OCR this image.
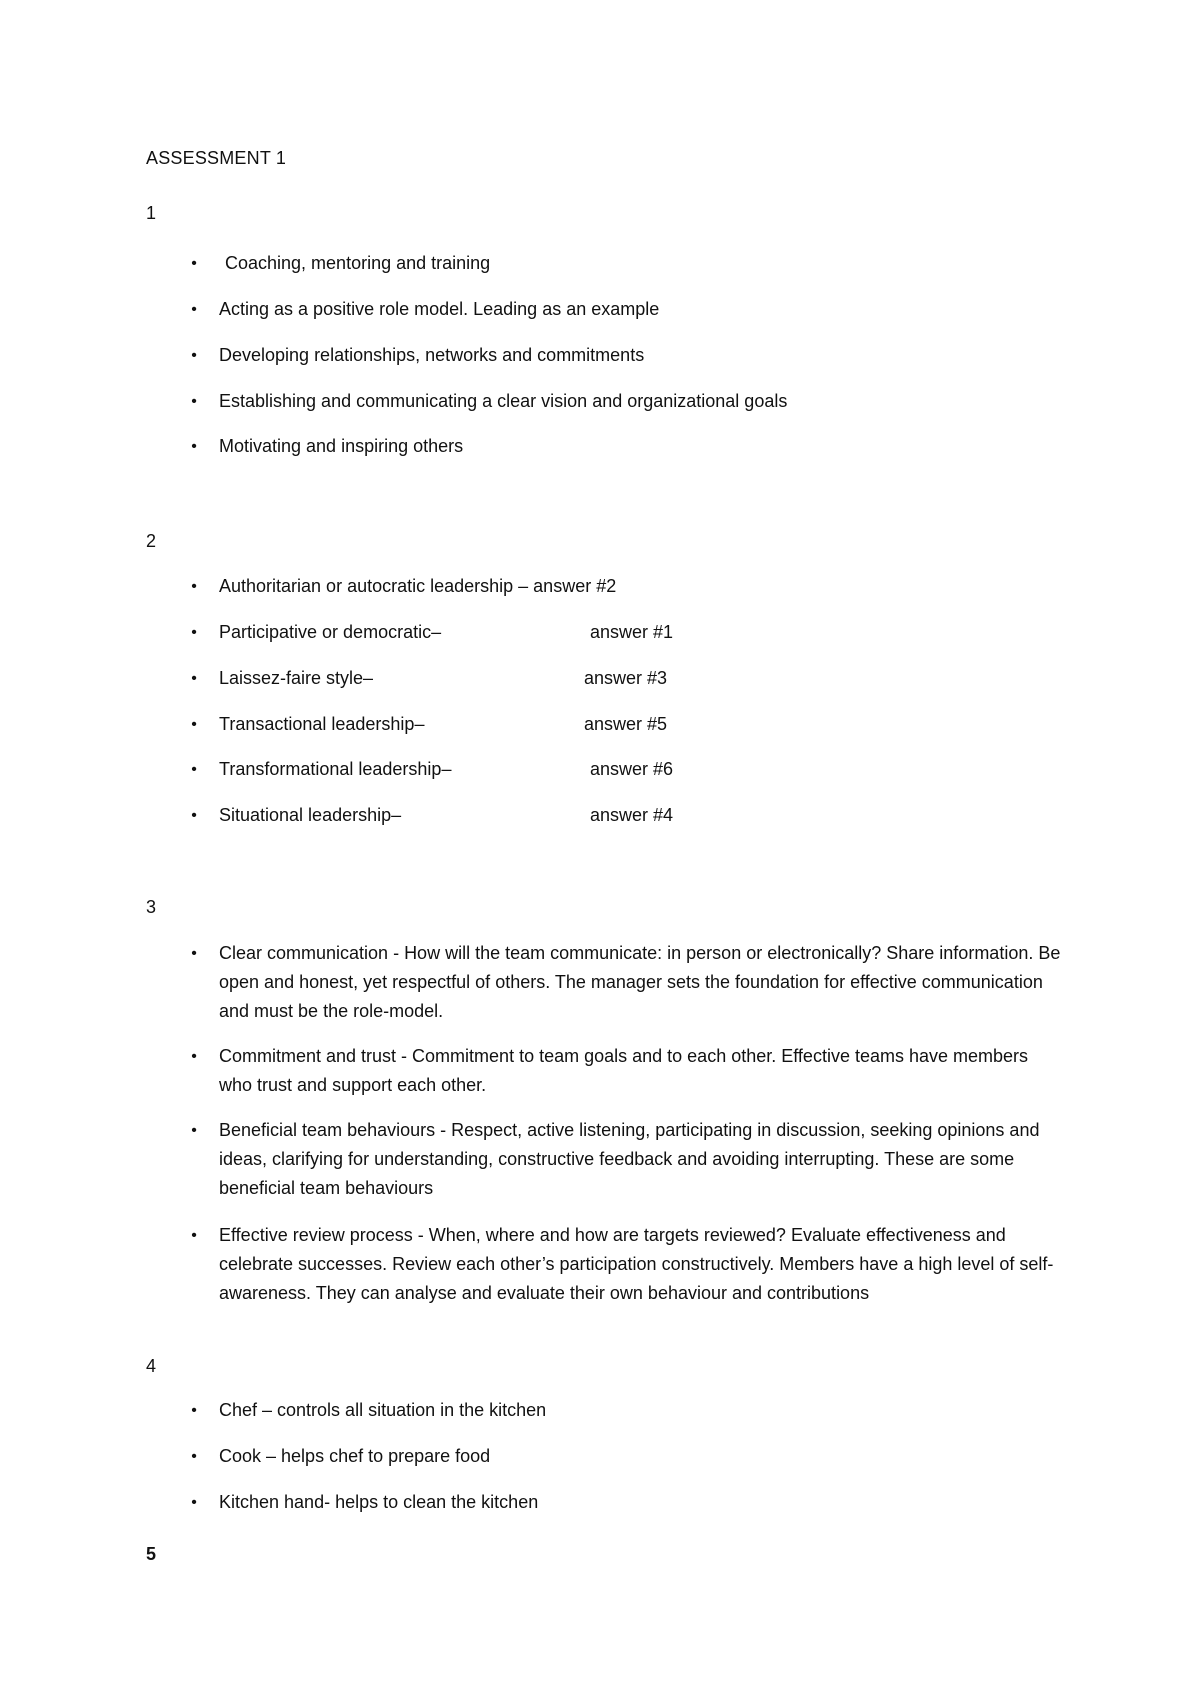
ASSESSMENT 1
1
• Coaching, mentoring and training
• Acting as a positive role model. Leading as an example
• Developing relationships, networks and commitments
• Establishing and communicating a clear vision and organizational goals
• Motivating and inspiring others
2
• Authoritarian or autocratic leadership – answer #2
• Participative or democratic–	answer #1
• Laissez-faire style–	answer #3
• Transactional leadership–	answer #5
• Transformational leadership–	answer #6
• Situational leadership–	answer #4
3
• Clear communication - How will the team communicate: in person or electronically? Share information. Be open and honest, yet respectful of others. The manager sets the foundation for effective communication and must be the role-model.
• Commitment and trust - Commitment to team goals and to each other. Effective teams have members who trust and support each other.
• Beneficial team behaviours - Respect, active listening, participating in discussion, seeking opinions and ideas, clarifying for understanding, constructive feedback and avoiding interrupting. These are some beneficial team behaviours
• Effective review process - When, where and how are targets reviewed? Evaluate effectiveness and celebrate successes. Review each other’s participation constructively. Members have a high level of self-awareness. They can analyse and evaluate their own behaviour and contributions
4
• Chef – controls all situation in the kitchen
• Cook – helps chef to prepare food
• Kitchen hand- helps to clean the kitchen
5
